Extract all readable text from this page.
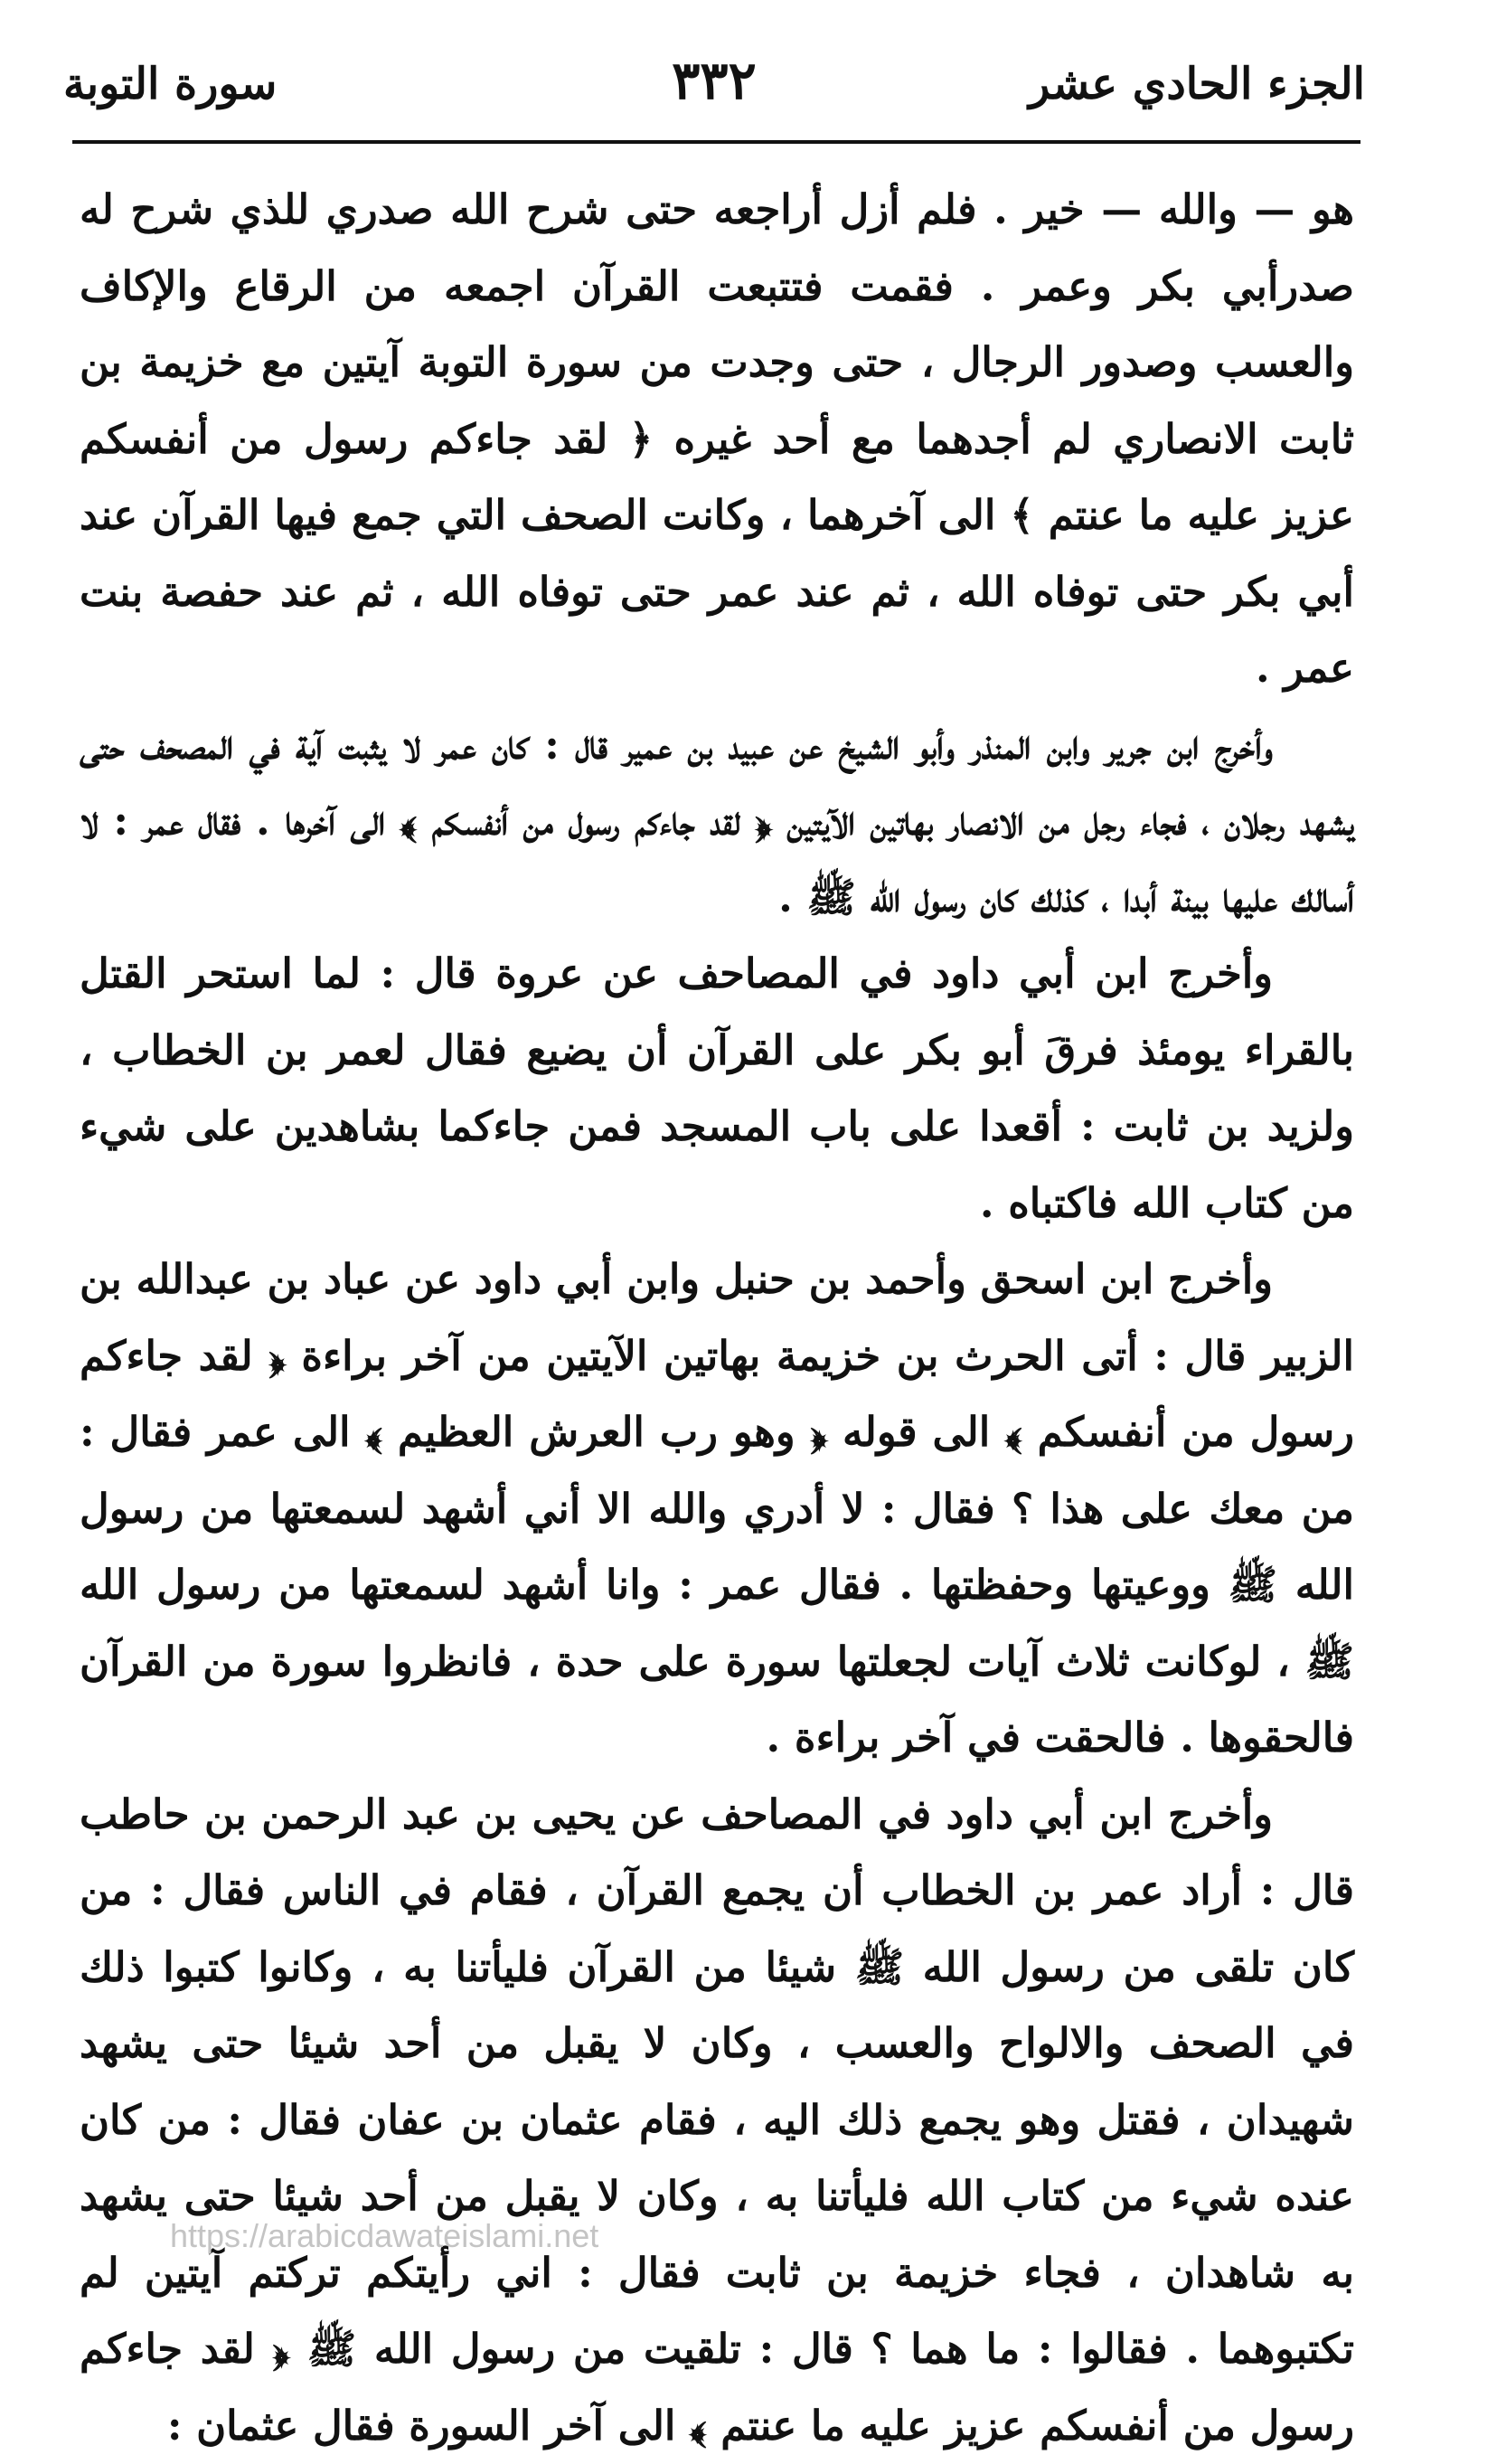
الجزء الحادي عشر
٣٣٢
سورة التوبة

هو — والله — خير . فلم أزل أراجعه حتى شرح الله صدري للذي شرح له صدرأبي بكر وعمر . فقمت فتتبعت القرآن اجمعه من الرقاع والإكاف والعسب وصدور الرجال ، حتى وجدت من سورة التوبة آيتين مع خزيمة بن ثابت الانصاري لم أجدهما مع أحد غيره ﴿ لقد جاءكم رسول من أنفسكم عزيز عليه ما عنتم ﴾ الى آخرهما ، وكانت الصحف التي جمع فيها القرآن عند أبي بكر حتى توفاه الله ، ثم عند عمر حتى توفاه الله ، ثم عند حفصة بنت عمر .

وأخرج ابن جرير وابن المنذر وأبو الشيخ عن عبيد بن عمير قال : كان عمر لا يثبت آية في المصحف حتى يشهد رجلان ، فجاء رجل من الانصار بهاتين الآيتين ﴿ لقد جاءكم رسول من أنفسكم ﴾ الى آخرها . فقال عمر : لا أسالك عليها بينة أبدا ، كذلك كان رسول الله ﷺ .

وأخرج ابن أبي داود في المصاحف عن عروة قال : لما استحر القتل بالقراء يومئذ فرقَ أبو بكر على القرآن أن يضيع فقال لعمر بن الخطاب ، ولزيد بن ثابت : أقعدا على باب المسجد فمن جاءكما بشاهدين على شيء من كتاب الله فاكتباه .

وأخرج ابن اسحق وأحمد بن حنبل وابن أبي داود عن عباد بن عبدالله بن الزبير قال : أتى الحرث بن خزيمة بهاتين الآيتين من آخر براءة ﴿ لقد جاءكم رسول من أنفسكم ﴾ الى قوله ﴿ وهو رب العرش العظيم ﴾ الى عمر فقال : من معك على هذا ؟ فقال : لا أدري والله الا أني أشهد لسمعتها من رسول الله ﷺ ووعيتها وحفظتها . فقال عمر : وانا أشهد لسمعتها من رسول الله ﷺ ، لوكانت ثلاث آيات لجعلتها سورة على حدة ، فانظروا سورة من القرآن فالحقوها . فالحقت في آخر براءة .

وأخرج ابن أبي داود في المصاحف عن يحيى بن عبد الرحمن بن حاطب قال : أراد عمر بن الخطاب أن يجمع القرآن ، فقام في الناس فقال : من كان تلقى من رسول الله ﷺ شيئا من القرآن فليأتنا به ، وكانوا كتبوا ذلك في الصحف والالواح والعسب ، وكان لا يقبل من أحد شيئا حتى يشهد شهيدان ، فقتل وهو يجمع ذلك اليه ، فقام عثمان بن عفان فقال : من كان عنده شيء من كتاب الله فليأتنا به ، وكان لا يقبل من أحد شيئا حتى يشهد به شاهدان ، فجاء خزيمة بن ثابت فقال : اني رأيتكم تركتم آيتين لم تكتبوهما . فقالوا : ما هما ؟ قال : تلقيت من رسول الله ﷺ ﴿ لقد جاءكم رسول من أنفسكم عزيز عليه ما عنتم ﴾ الى آخر السورة فقال عثمان :

https://arabicdawateislami.net
